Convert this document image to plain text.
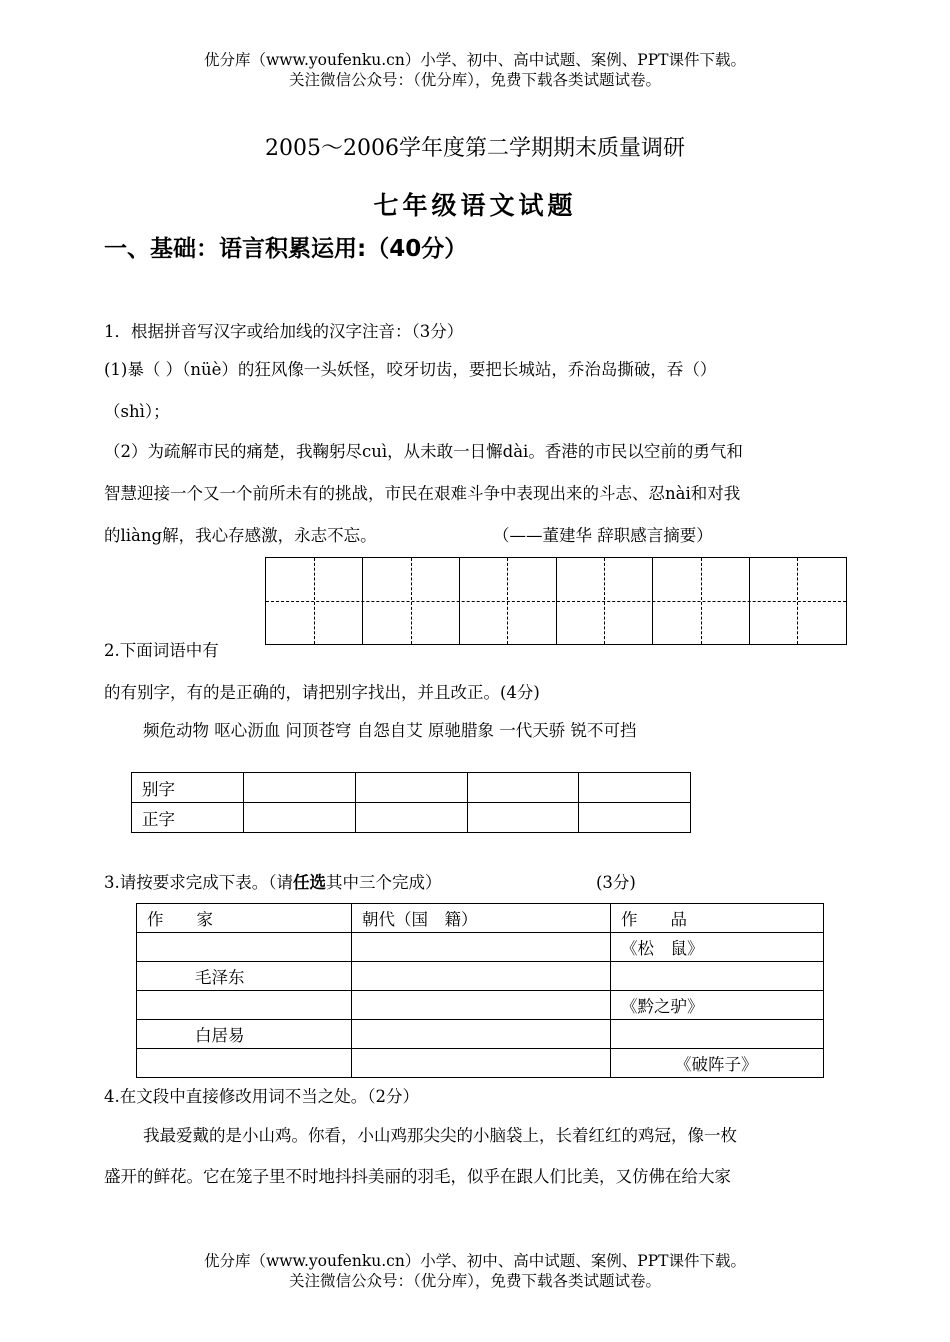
优分库（www.youfenku.cn）小学、初中、高中试题、案例、PPT课件下载。
关注微信公众号：（优分库），免费下载各类试题试卷。
2005～2006学年度第二学期期末质量调研
七年级语文试题
一、基础：语言积累运用:（40分）
1．根据拼音写汉字或给加线的汉字注音：（3分）
(1)暴（ ）（nüè）的狂风像一头妖怪，咬牙切齿，要把长城站，乔治岛撕破，吞（）
（shì）；
（2）为疏解市民的痛楚，我鞠躬尽cuì，从未敢一日懈dài。香港的市民以空前的勇气和
智慧迎接一个又一个前所未有的挑战，市民在艰难斗争中表现出来的斗志、忍nài和对我
的liàng解，我心存感激，永志不忘。	（——董建华 辞职感言摘要）
2.下面词语中有
的有别字，有的是正确的，请把别字找出，并且改正。(4分)
频危动物 呕心沥血 问顶苍穹 自怨自艾 原驰腊象 一代天骄 锐不可挡
别字				
正字				
3.请按要求完成下表。（请任选其中三个完成）	(3分)
作　　家	朝代（国　籍）	作　　品
		《松　鼠》
毛泽东		
		《黔之驴》
白居易		
		《破阵子》
4.在文段中直接修改用词不当之处。（2分）
我最爱戴的是小山鸡。你看，小山鸡那尖尖的小脑袋上，长着红红的鸡冠，像一枚
盛开的鲜花。它在笼子里不时地抖抖美丽的羽毛，似乎在跟人们比美，又仿佛在给大家
优分库（www.youfenku.cn）小学、初中、高中试题、案例、PPT课件下载。
关注微信公众号：（优分库），免费下载各类试题试卷。
